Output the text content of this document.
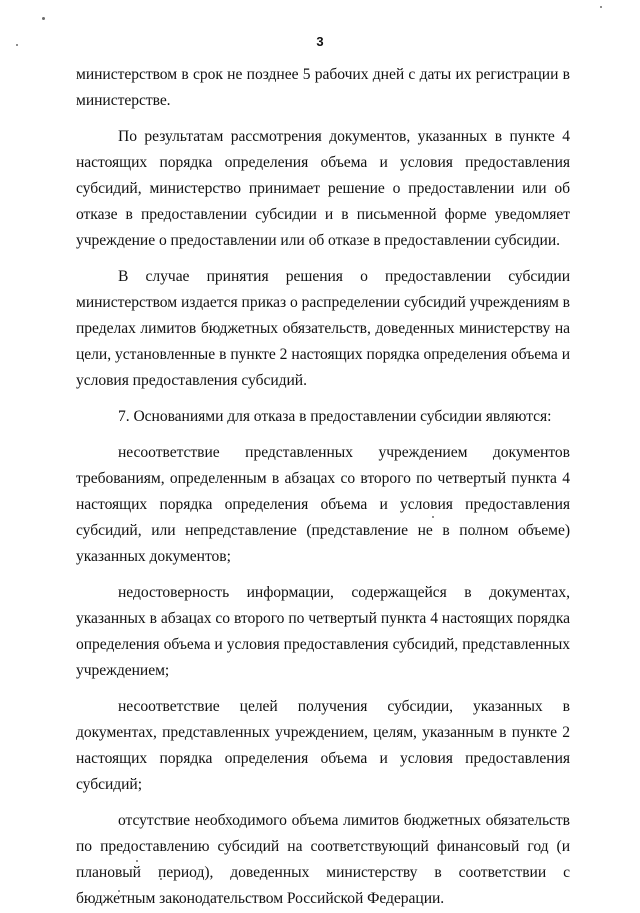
3

министерством в срок не позднее 5 рабочих дней с даты их регистрации в министерстве.

По результатам рассмотрения документов, указанных в пункте 4 настоящих порядка определения объема и условия предоставления субсидий, министерство принимает решение о предоставлении или об отказе в предоставлении субсидии и в письменной форме уведомляет учреждение о предоставлении или об отказе в предоставлении субсидии.

В случае принятия решения о предоставлении субсидии министерством издается приказ о распределении субсидий учреждениям в пределах лимитов бюджетных обязательств, доведенных министерству на цели, установленные в пункте 2 настоящих порядка определения объема и условия предоставления субсидий.

7. Основаниями для отказа в предоставлении субсидии являются:

несоответствие представленных учреждением документов требованиям, определенным в абзацах со второго по четвертый пункта 4 настоящих порядка определения объема и условия предоставления субсидий, или непредставление (представление не в полном объеме) указанных документов;

недостоверность информации, содержащейся в документах, указанных в абзацах со второго по четвертый пункта 4 настоящих порядка определения объема и условия предоставления субсидий, представленных учреждением;

несоответствие целей получения субсидии, указанных в документах, представленных учреждением, целям, указанным в пункте 2 настоящих порядка определения объема и условия предоставления субсидий;

отсутствие необходимого объема лимитов бюджетных обязательств по предоставлению субсидий на соответствующий финансовый год (и плановый период), доведенных министерству в соответствии с бюджетным законодательством Российской Федерации.
